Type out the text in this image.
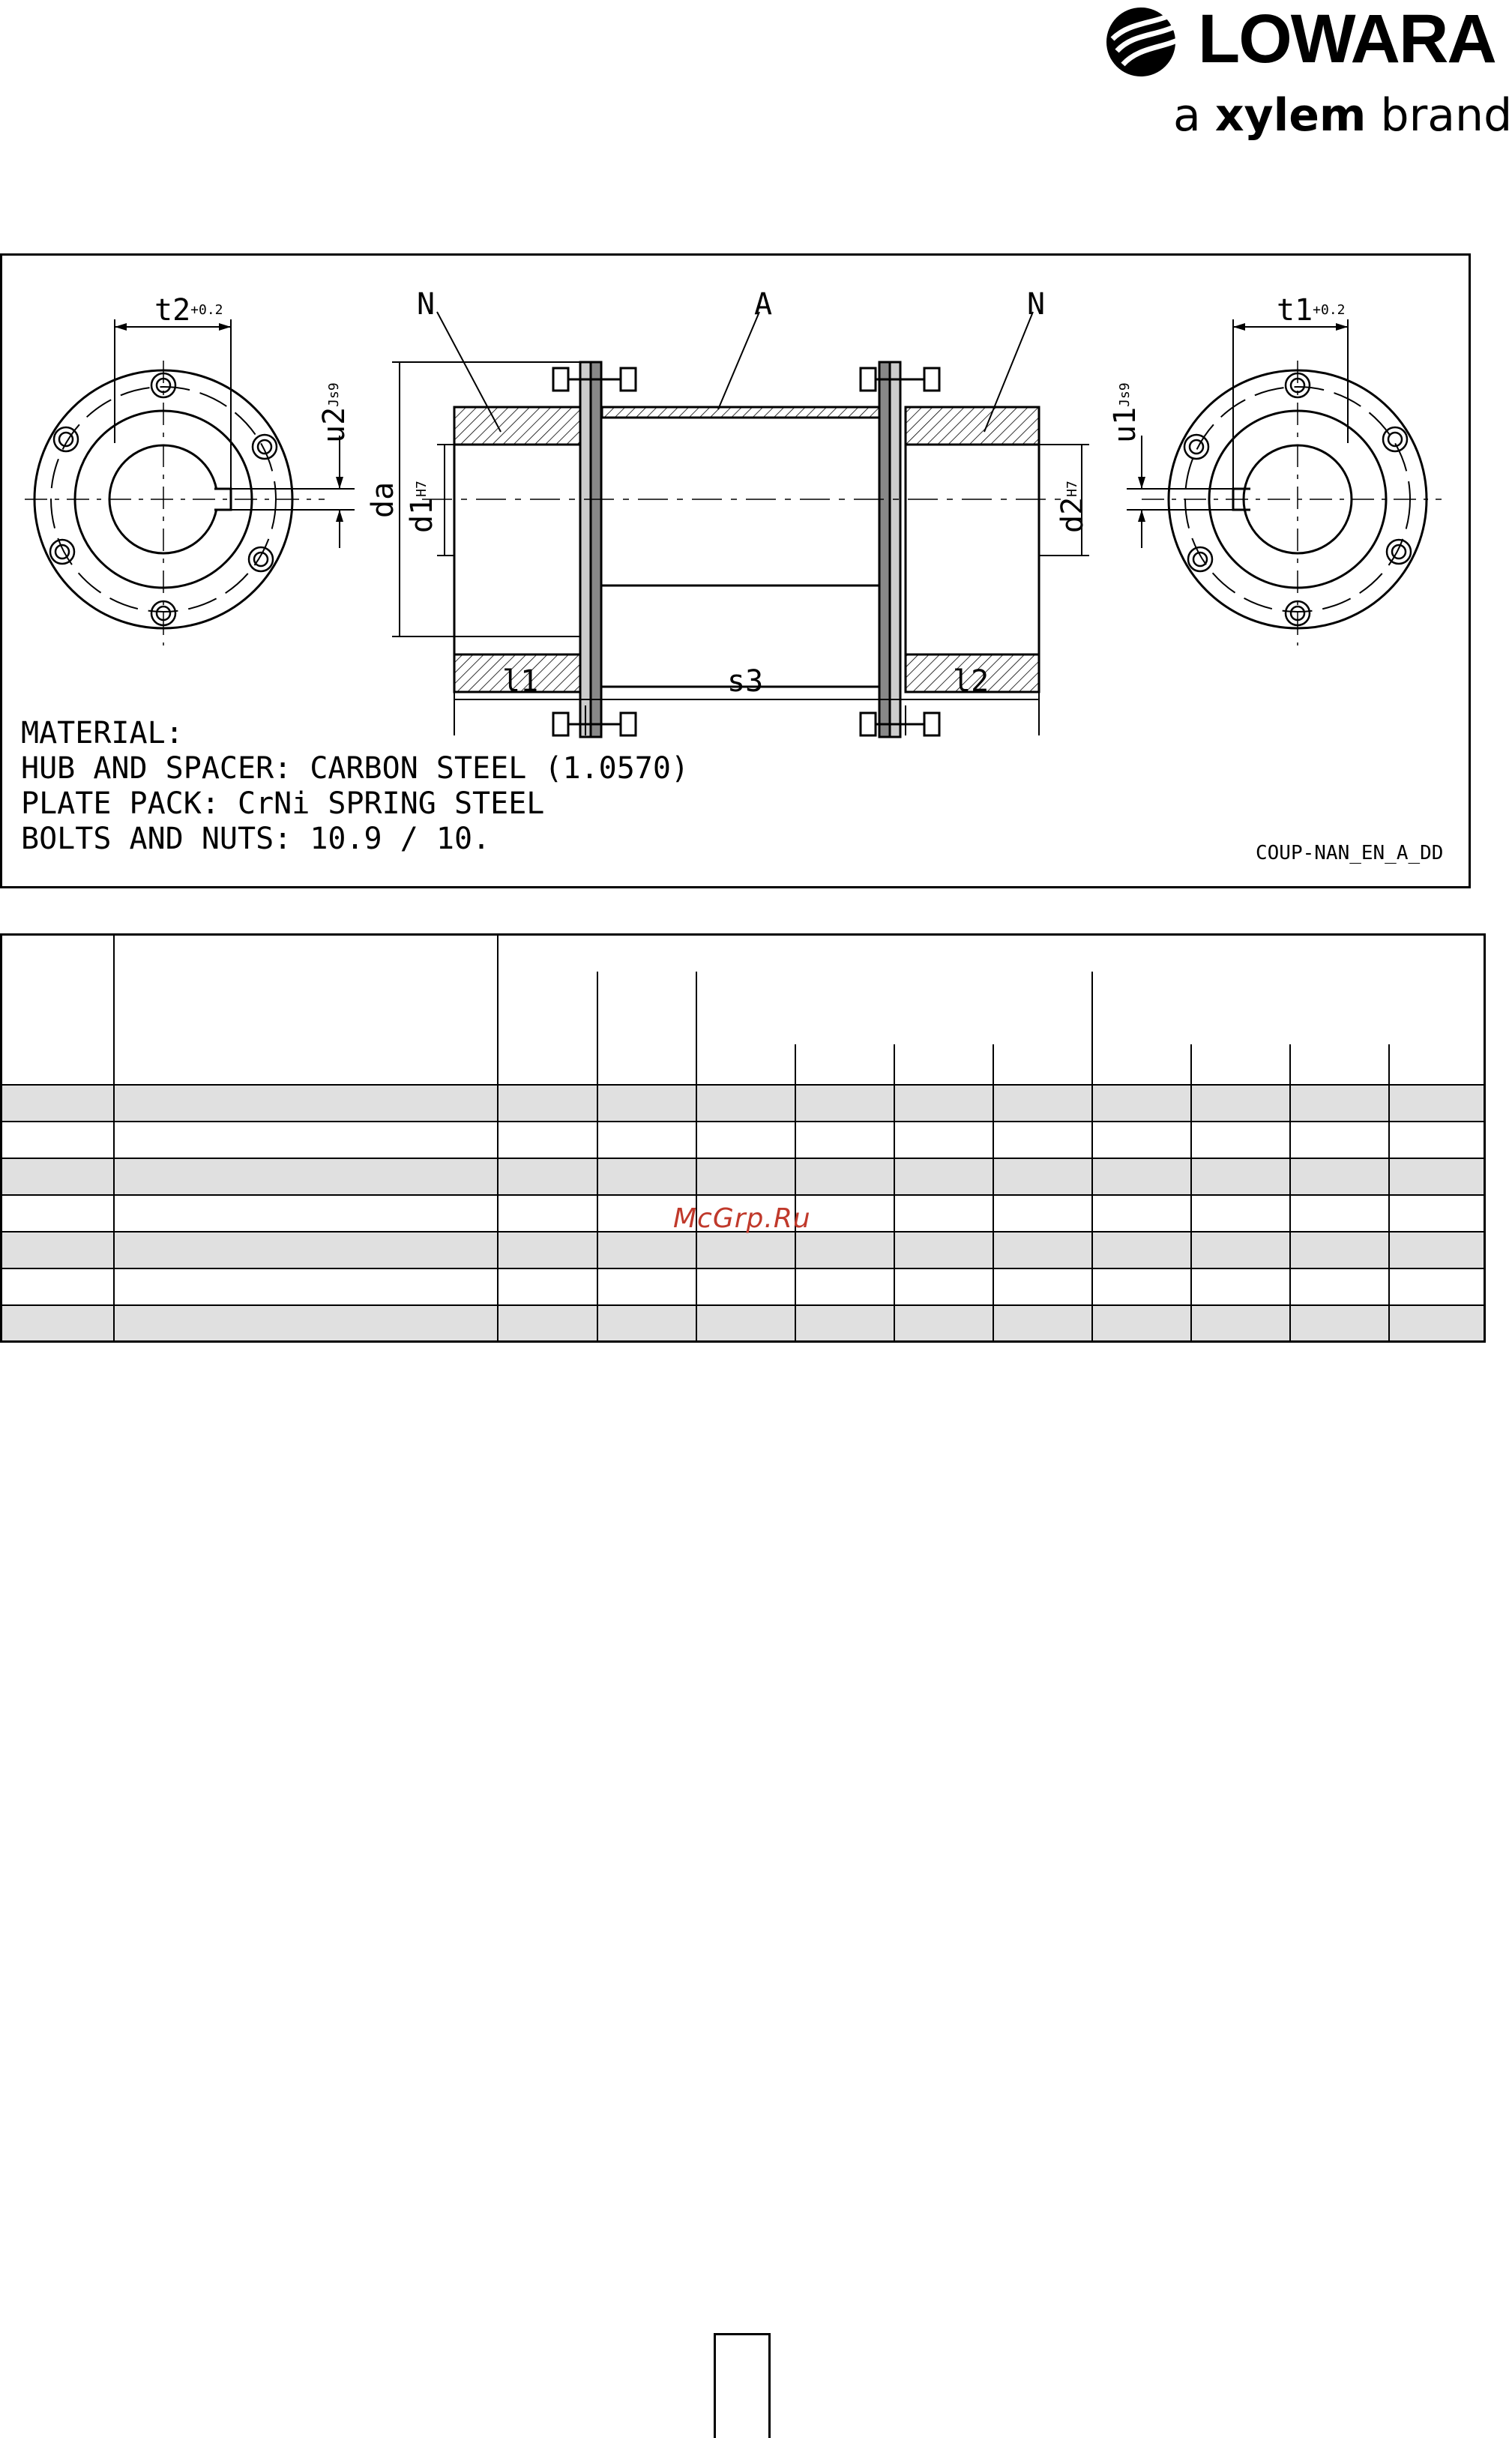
LOWARA
a xylem brand
$t2^{+0.2}$	$t1^{+0.2}$
N	A	N
$u2^{Js9}$
$u1^{Js9}$
da $d1^{H7}$
$d2^{H7}$
l1	s3	l2
MATERIAL:
HUB AND SPACER: CARBON STEEL (1.0570)
PLATE PACK: CrNi SPRING STEEL
BOLTS AND NUTS: 10.9 / 10.	COUP-NAN_EN_A_DD
McGrp.Ru
